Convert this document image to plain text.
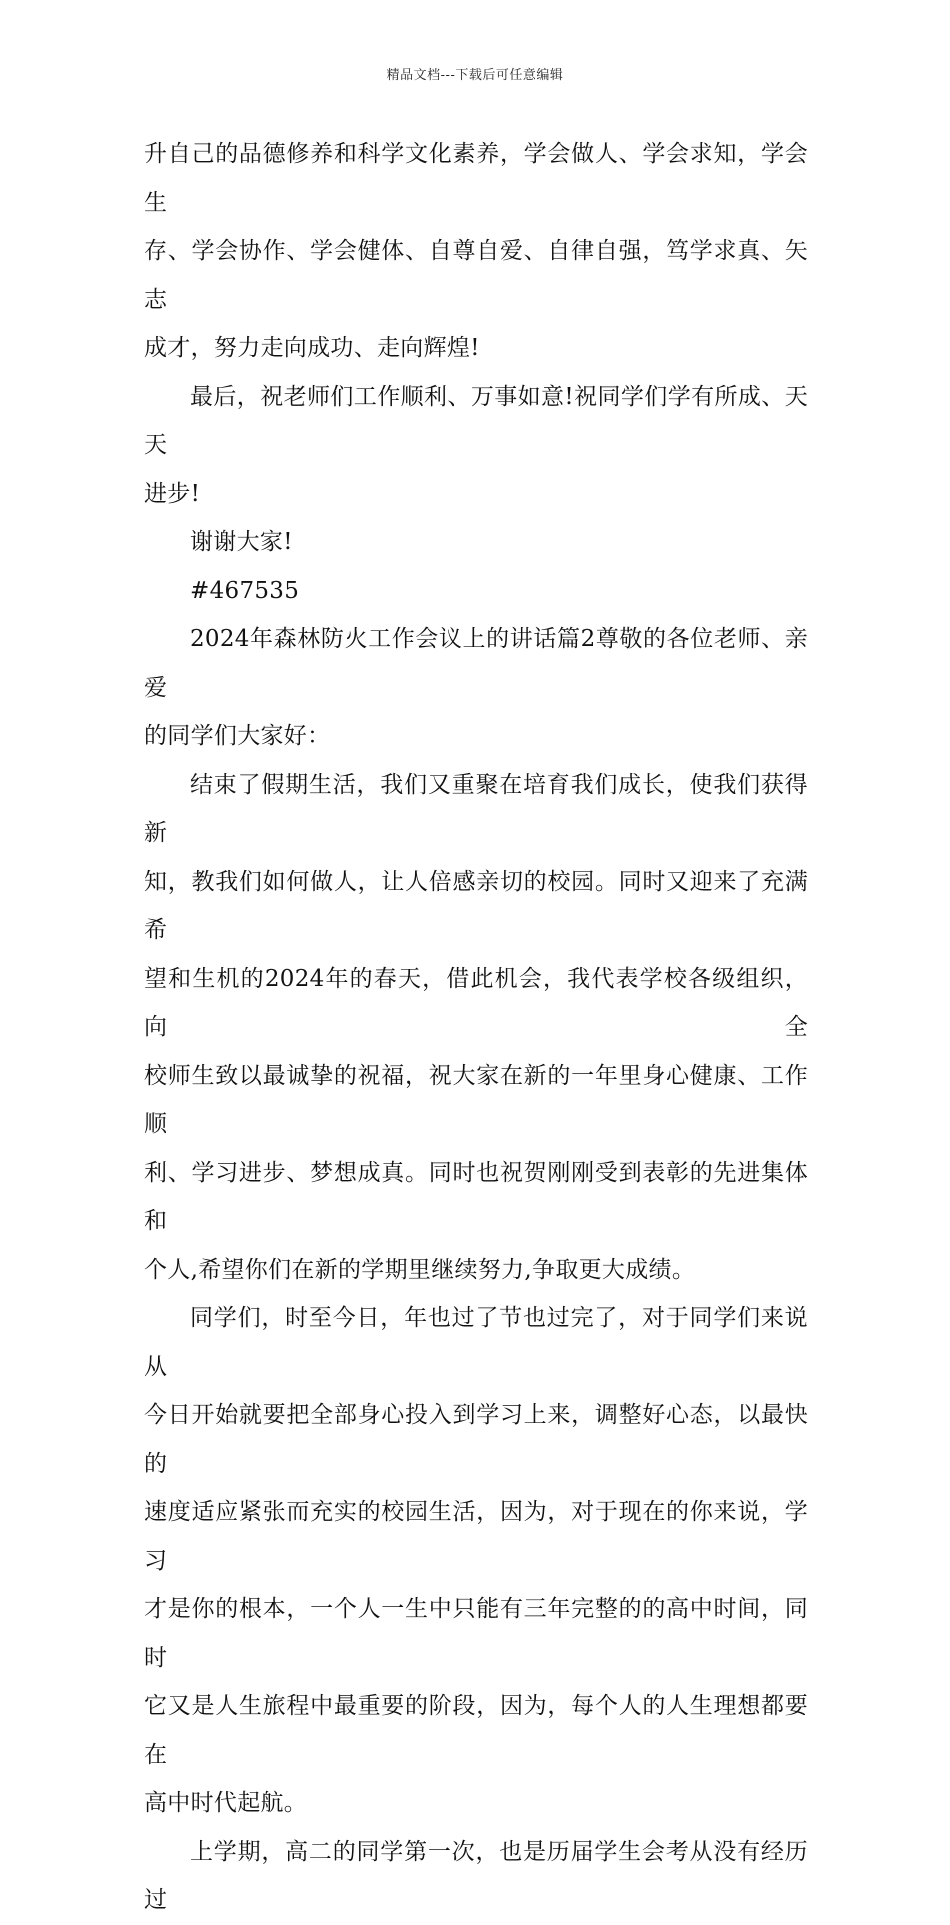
精品文档---下载后可任意编辑
升自己的品德修养和科学文化素养，学会做人、学会求知，学会生
存、学会协作、学会健体、自尊自爱、自律自强，笃学求真、矢志
成才，努力走向成功、走向辉煌!
最后，祝老师们工作顺利、万事如意!祝同学们学有所成、天天
进步!
谢谢大家!
#467535
2024年森林防火工作会议上的讲话篇2尊敬的各位老师、亲爱
的同学们大家好：
结束了假期生活，我们又重聚在培育我们成长，使我们获得新
知，教我们如何做人，让人倍感亲切的校园。同时又迎来了充满希
望和生机的2024年的春天，借此机会，我代表学校各级组织，向全
校师生致以最诚挚的祝福，祝大家在新的一年里身心健康、工作顺
利、学习进步、梦想成真。同时也祝贺刚刚受到表彰的先进集体和
个人,希望你们在新的学期里继续努力,争取更大成绩。
同学们，时至今日，年也过了节也过完了，对于同学们来说从
今日开始就要把全部身心投入到学习上来，调整好心态，以最快的
速度适应紧张而充实的校园生活，因为，对于现在的你来说，学习
才是你的根本，一个人一生中只能有三年完整的的高中时间，同时
它又是人生旅程中最重要的阶段，因为，每个人的人生理想都要在
高中时代起航。
上学期，高二的同学第一次，也是历届学生会考从没有经历过
